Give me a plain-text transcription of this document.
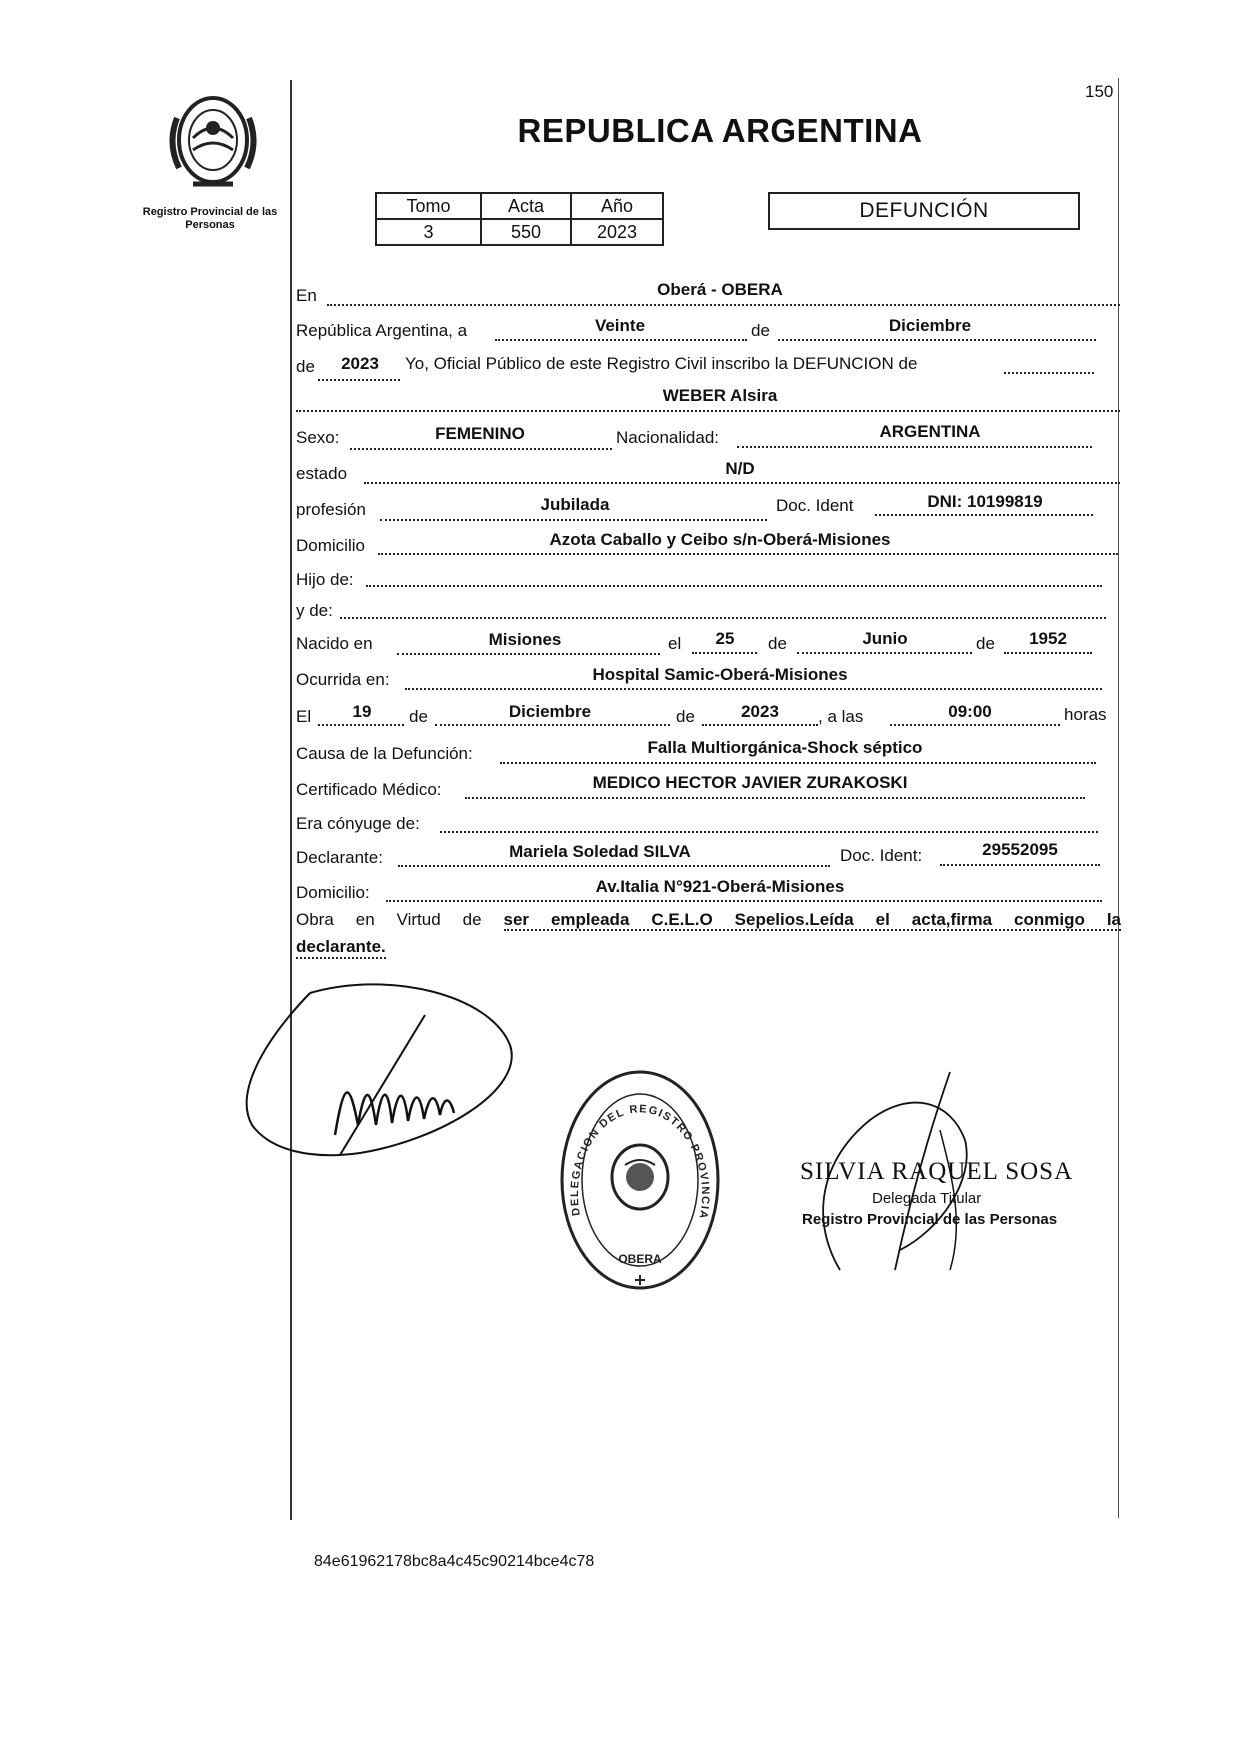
Registro Provincial de las Personas
150
REPUBLICA ARGENTINA
Tomo	Acta	Año
3	550	2023
DEFUNCIÓN
En	Oberá - OBERA
República Argentina, a	Veinte	de	Diciembre
de	2023	Yo, Oficial Público de este Registro Civil inscribo la DEFUNCION de
WEBER Alsira
Sexo:	FEMENINO	Nacionalidad:	ARGENTINA
estado	N/D
profesión	Jubilada	Doc. Ident	DNI: 10199819
Domicilio	Azota Caballo y Ceibo s/n-Oberá-Misiones
Hijo de:
y de:
Nacido en	Misiones	el	25	de	Junio	de	1952
Ocurrida en:	Hospital Samic-Oberá-Misiones
El	19	de	Diciembre	de	2023	, a las	09:00	horas
Causa de la Defunción:	Falla Multiorgánica-Shock séptico
Certificado Médico:	MEDICO HECTOR JAVIER ZURAKOSKI
Era cónyuge de:
Declarante:	Mariela Soledad SILVA	Doc. Ident:	29552095
Domicilio:	Av.Italia N°921-Oberá-Misiones
Obra en Virtud de ser empleada C.E.L.O Sepelios.Leída el acta,firma conmigo la
declarante.
DELEGACION DEL REGISTRO PROVINCIA
OBERA
SILVIA RAQUEL SOSA
Delegada Titular
Registro Provincial de las Personas
84e61962178bc8a4c45c90214bce4c78
